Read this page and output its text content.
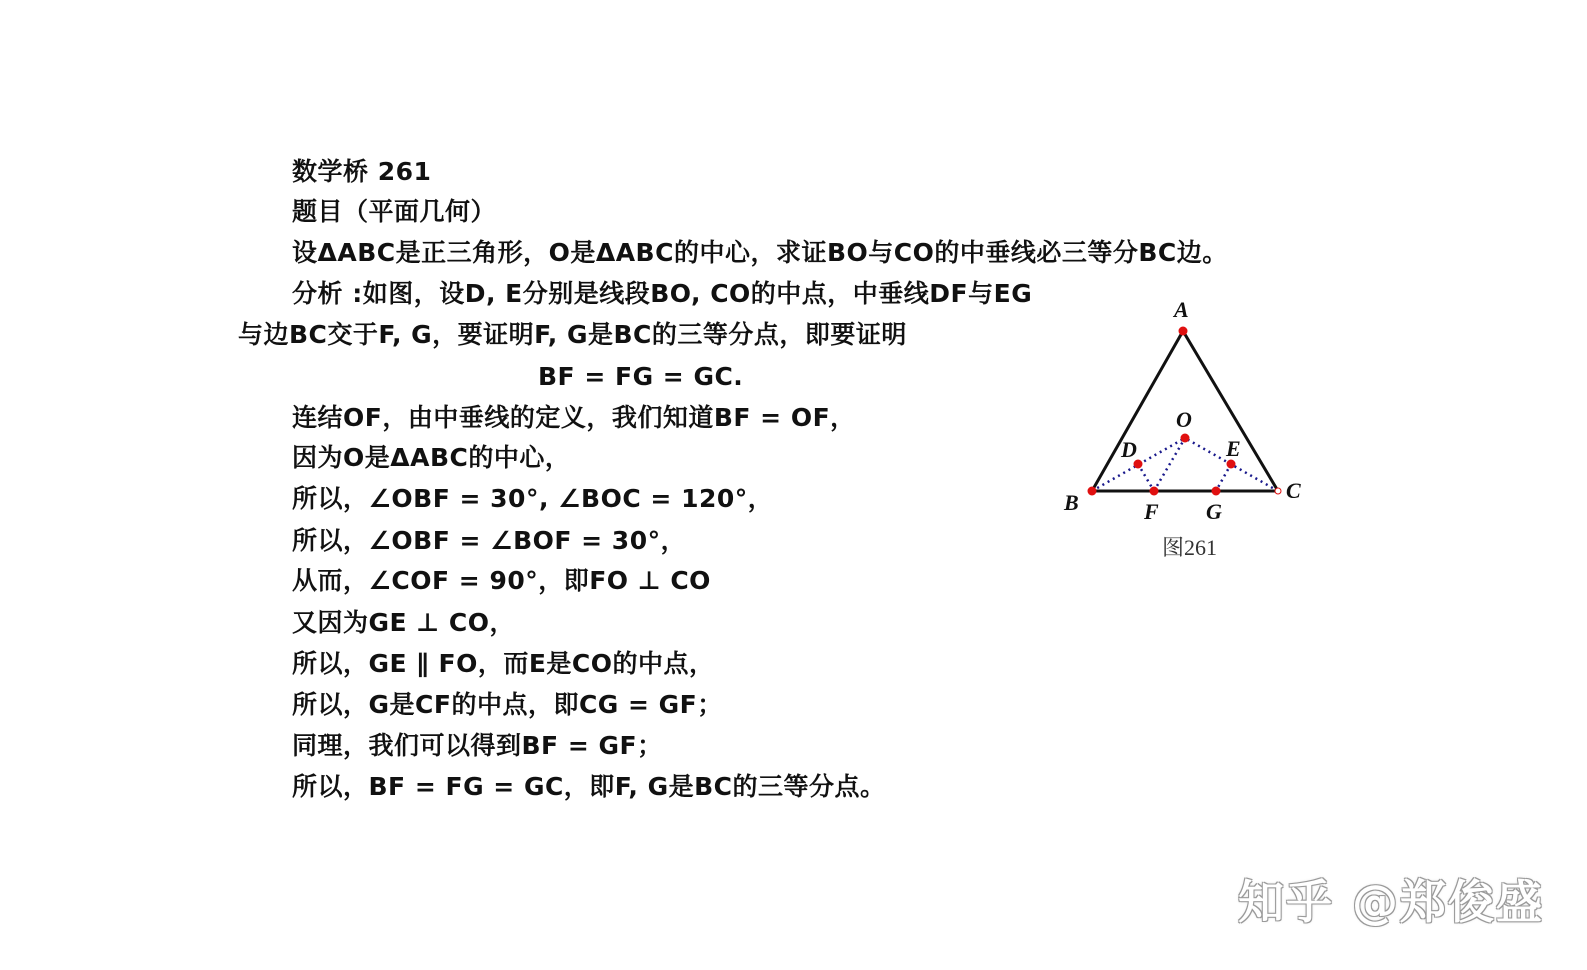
数学桥 261
题目（平面几何）
设ΔABC是正三角形，O是ΔABC的中心，求证BO与CO的中垂线必三等分BC边。
分析 :如图，设D, E分别是线段BO, CO的中点，中垂线DF与EG
与边BC交于F, G，要证明F, G是BC的三等分点，即要证明
BF = FG = GC.
连结OF，由中垂线的定义，我们知道BF = OF，
因为O是ΔABC的中心，
所以，∠OBF = 30°, ∠BOC = 120°，
所以，∠OBF = ∠BOF = 30°，
从而，∠COF = 90°，即FO ⊥ CO
又因为GE ⊥ CO，
所以，GE ∥ FO，而E是CO的中点，
所以，G是CF的中点，即CG = GF；
同理，我们可以得到BF = GF；
所以，BF = FG = GC，即F, G是BC的三等分点。
A
B	C
O
D	E
F G
图261
知乎 @郑俊盛
